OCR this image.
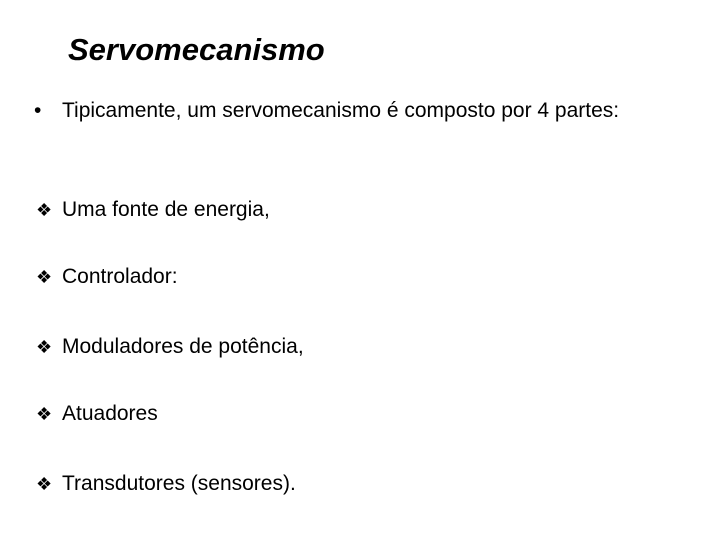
Servomecanismo
• Tipicamente, um servomecanismo é composto por 4 partes:
❖ Uma fonte de energia,
❖ Controlador:
❖ Moduladores de potência,
❖ Atuadores
❖ Transdutores (sensores).
